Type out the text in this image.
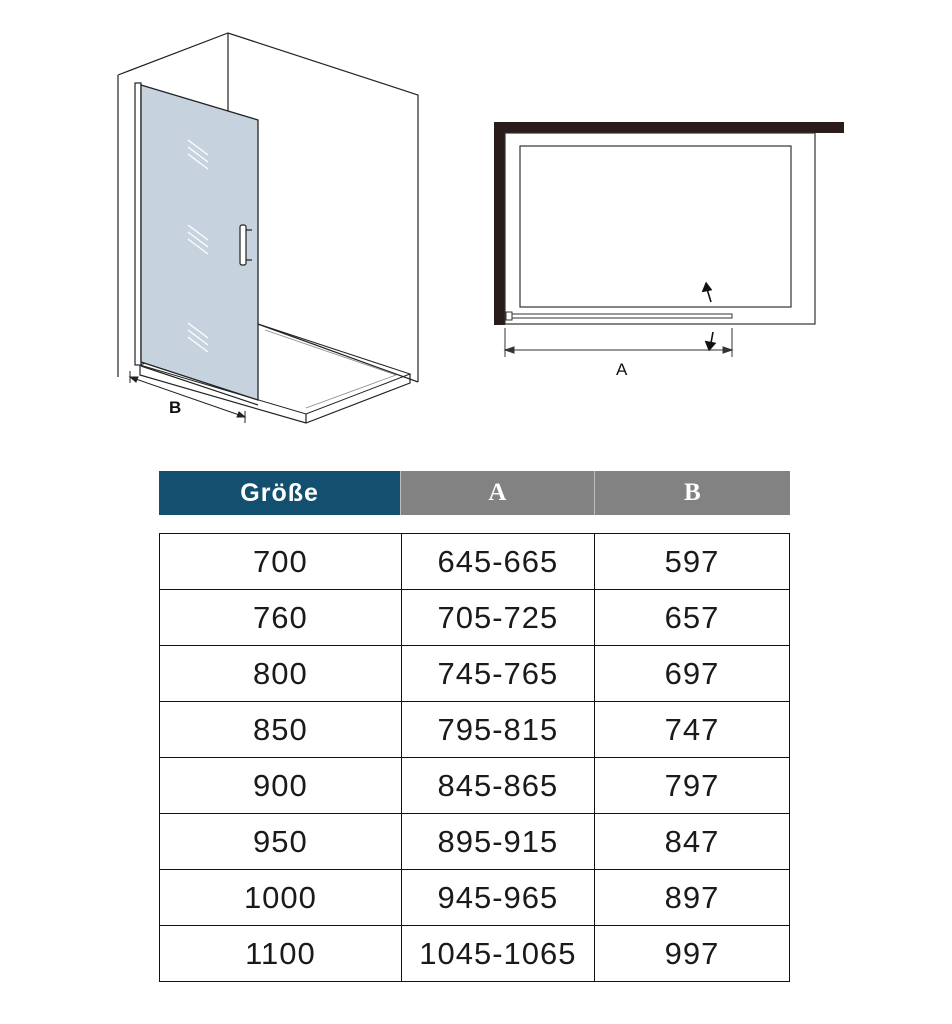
B
A
Größe	A	B
700	645-665	597
760	705-725	657
800	745-765	697
850	795-815	747
900	845-865	797
950	895-915	847
1000	945-965	897
1100	1045-1065	997
